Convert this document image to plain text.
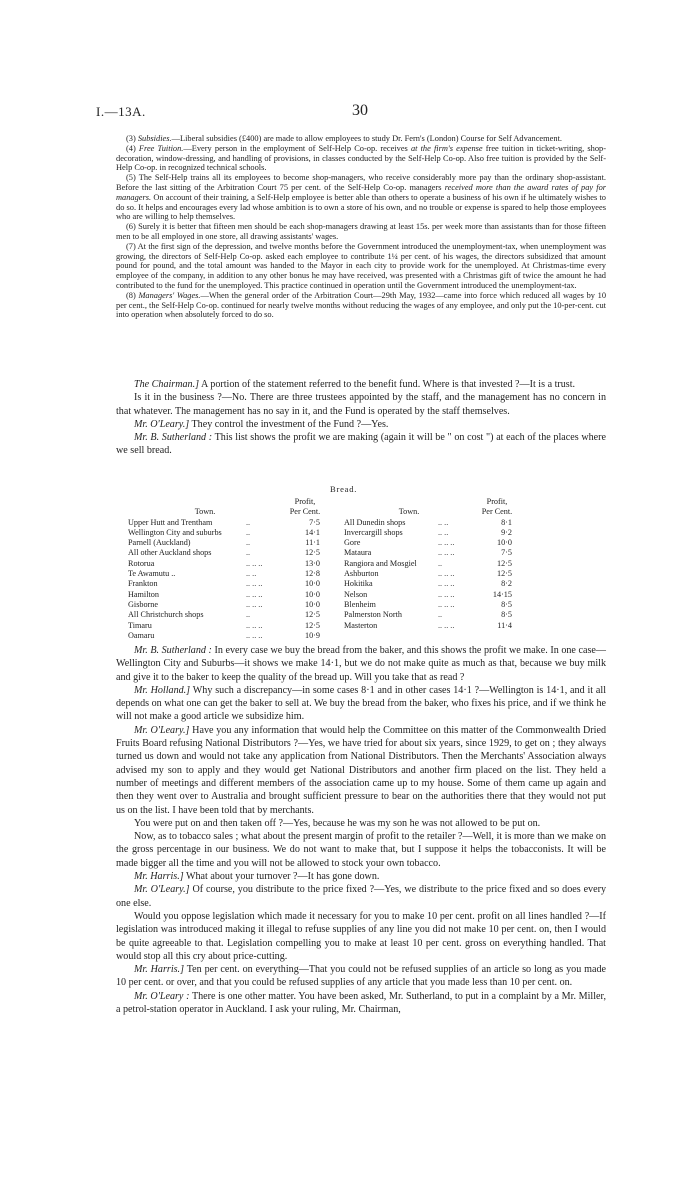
I.—13A.	30

(3) Subsidies.—Liberal subsidies (£400) are made to allow employees to study Dr. Fern's (London) Course for Self Advancement.

(4) Free Tuition.—Every person in the employment of Self-Help Co-op. receives at the firm's expense free tuition in ticket-writing, shop-decoration, window-dressing, and handling of provisions, in classes conducted by the Self-Help Co-op. Also free tuition is provided by the Self-Help Co-op. in recognized technical schools.

(5) The Self-Help trains all its employees to become shop-managers, who receive considerably more pay than the ordinary shop-assistant. Before the last sitting of the Arbitration Court 75 per cent. of the Self-Help Co-op. managers received more than the award rates of pay for managers. On account of their training, a Self-Help employee is better able than others to operate a business of his own if he ultimately wishes to do so. It helps and encourages every lad whose ambition is to own a store of his own, and no trouble or expense is spared to help those employees who are willing to help themselves.

(6) Surely it is better that fifteen men should be each shop-managers drawing at least 15s. per week more than assistants than for those fifteen men to be all employed in one store, all drawing assistants' wages.

(7) At the first sign of the depression, and twelve months before the Government introduced the unemployment-tax, when unemployment was growing, the directors of Self-Help Co-op. asked each employee to contribute 1¼ per cent. of his wages, the directors subsidized that amount pound for pound, and the total amount was handed to the Mayor in each city to provide work for the unemployed. At Christmas-time every employee of the company, in addition to any other bonus he may have received, was presented with a Christmas gift of twice the amount he had contributed to the fund for the unemployed. This practice continued in operation until the Government introduced the unemployment-tax.

(8) Managers' Wages.—When the general order of the Arbitration Court—29th May, 1932—came into force which reduced all wages by 10 per cent., the Self-Help Co-op. continued for nearly twelve months without reducing the wages of any employee, and only put the 10-per-cent. cut into operation when absolutely forced to do so.

The Chairman.] A portion of the statement referred to the benefit fund. Where is that invested ?—It is a trust.

Is it in the business ?—No. There are three trustees appointed by the staff, and the management has no concern in that whatever. The management has no say in it, and the Fund is operated by the staff themselves.

Mr. O'Leary.] They control the investment of the Fund ?—Yes.

Mr. B. Sutherland : This list shows the profit we are making (again it will be " on cost ") at each of the places where we sell bread.

Bread.
Town.		Profit,
Per Cent.		Town.		Profit,
Per Cent.
Upper Hutt and Trentham	..	7·5		All Dunedin shops	.. ..	8·1
Wellington City and suburbs	..	14·1		Invercargill shops	.. ..	9·2
Parnell (Auckland)	..	11·1		Gore	.. .. ..	10·0
All other Auckland shops	..	12·5		Mataura	.. .. ..	7·5
Rotorua	.. .. ..	13·0		Rangiora and Mosgiel	..	12·5
Te Awamutu ..	.. ..	12·8		Ashburton	.. .. ..	12·5
Frankton	.. .. ..	10·0		Hokitika	.. .. ..	8·2
Hamilton	.. .. ..	10·0		Nelson	.. .. ..	14·15
Gisborne	.. .. ..	10·0		Blenheim	.. .. ..	8·5
All Christchurch shops	..	12·5		Palmerston North	..	8·5
Timaru	.. .. ..	12·5		Masterton	.. .. ..	11·4
Oamaru	.. .. ..	10·9				

Mr. B. Sutherland : In every case we buy the bread from the baker, and this shows the profit we make. In one case—Wellington City and Suburbs—it shows we make 14·1, but we do not make quite as much as that, because we buy milk and give it to the baker to keep the quality of the bread up. Will you take that as read ?

Mr. Holland.] Why such a discrepancy—in some cases 8·1 and in other cases 14·1 ?—Wellington is 14·1, and it all depends on what one can get the baker to sell at. We buy the bread from the baker, who fixes his price, and if we think he will not make a good article we subsidize him.

Mr. O'Leary.] Have you any information that would help the Committee on this matter of the Commonwealth Dried Fruits Board refusing National Distributors ?—Yes, we have tried for about six years, since 1929, to get on ; they always turned us down and would not take any application from National Distributors. Then the Merchants' Association always advised my son to apply and they would get National Distributors and another firm placed on the list. They held a number of meetings and different members of the association came up to my house. Some of them came up again and then they went over to Australia and brought sufficient pressure to bear on the authorities there that they would not put us on the list. I have been told that by merchants.

You were put on and then taken off ?—Yes, because he was my son he was not allowed to be put on.

Now, as to tobacco sales ; what about the present margin of profit to the retailer ?—Well, it is more than we make on the gross percentage in our business. We do not want to make that, but I suppose it helps the tobacconists. It will be made bigger all the time and you will not be allowed to stock your own tobacco.

Mr. Harris.] What about your turnover ?—It has gone down.

Mr. O'Leary.] Of course, you distribute to the price fixed ?—Yes, we distribute to the price fixed and so does every one else.

Would you oppose legislation which made it necessary for you to make 10 per cent. profit on all lines handled ?—If legislation was introduced making it illegal to refuse supplies of any line you did not make 10 per cent. on, then I would be quite agreeable to that. Legislation compelling you to make at least 10 per cent. gross on everything handled. That would stop all this cry about price-cutting.

Mr. Harris.] Ten per cent. on everything—That you could not be refused supplies of an article so long as you made 10 per cent. or over, and that you could be refused supplies of any article that you made less than 10 per cent. on.

Mr. O'Leary : There is one other matter. You have been asked, Mr. Sutherland, to put in a complaint by a Mr. Miller, a petrol-station operator in Auckland. I ask your ruling, Mr. Chairman,
